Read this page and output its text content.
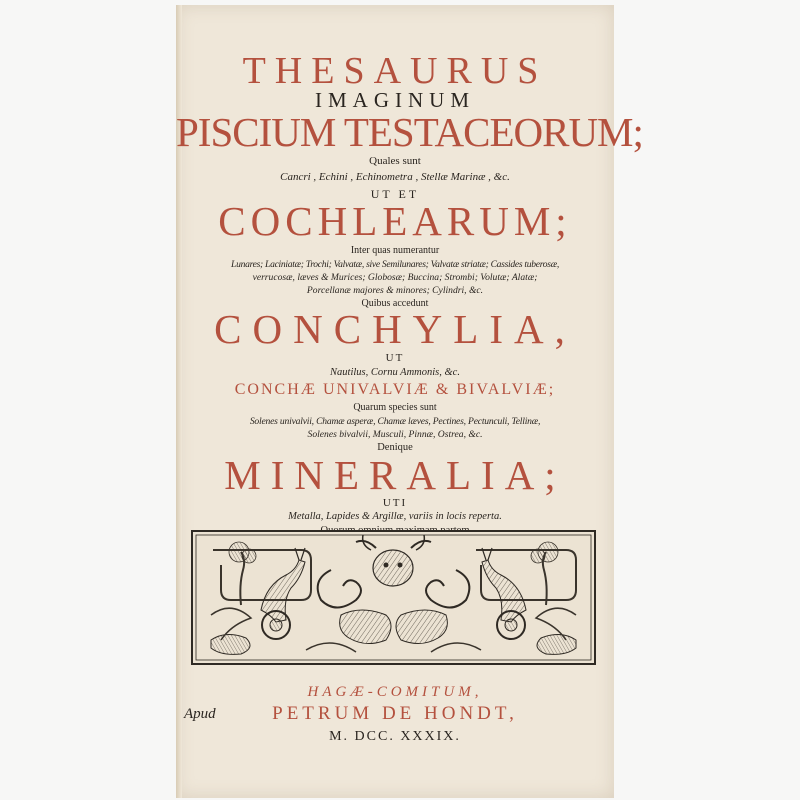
THESAURUS
IMAGINUM
PISCIUM TESTACEORUM;
Quales sunt
Cancri , Echini , Echinometra , Stellæ Marinæ , &c.
UT ET
COCHLEARUM;
Inter quas numerantur
Lunares; Laciniatæ; Trochi; Valvatæ, sive Semilunares; Valvatæ striatæ; Cassides tuberosæ,
verrucosæ, læves & Murices; Globosæ; Buccina; Strombi; Volutæ; Alatæ;
Porcellanæ majores & minores; Cylindri, &c.
Quibus accedunt
CONCHYLIA,
UT
Nautilus, Cornu Ammonis, &c.
CONCHÆ UNIVALVIÆ & BIVALVIÆ;
Quarum species sunt
Solenes univalvii, Chamæ asperæ, Chamæ læves, Pectines, Pectunculi, Tellinæ,
Solenes bivalvii, Musculi, Pinnæ, Ostrea, &c.
Denique
MINERALIA;
UTI
Metalla, Lapides & Argillæ, variis in locis reperta.
HAGÆ-COMITUM,
Apud	PETRUM DE HONDT,
M. DCC. XXXIX.
